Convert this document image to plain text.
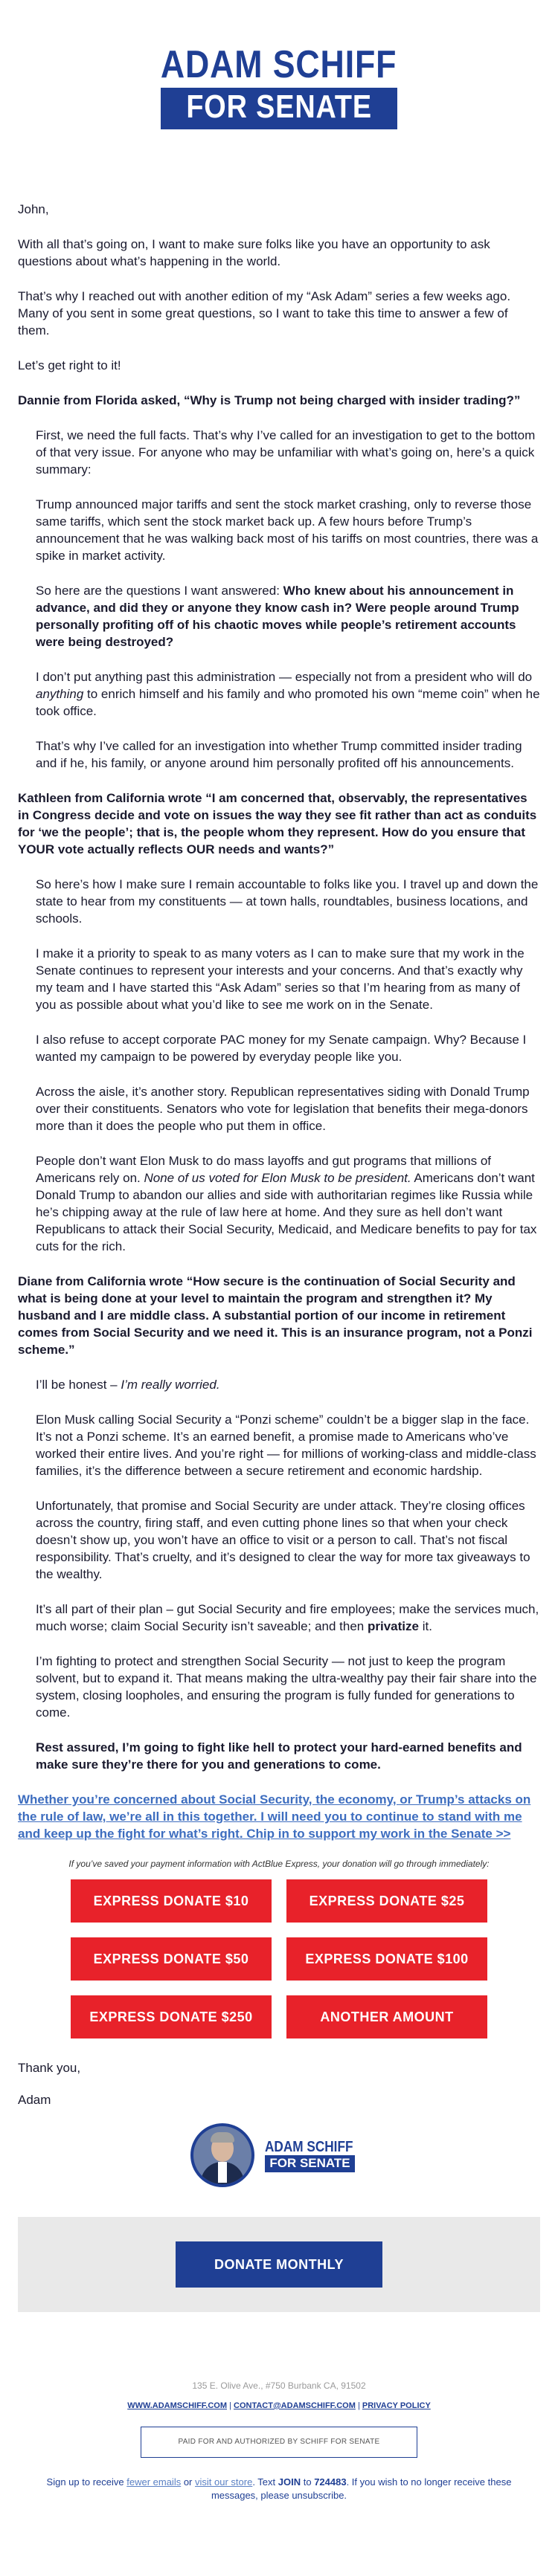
ADAM SCHIFF
FOR SENATE

John,

With all that’s going on, I want to make sure folks like you have an opportunity to ask questions about what’s happening in the world.

That’s why I reached out with another edition of my “Ask Adam” series a few weeks ago. Many of you sent in some great questions, so I want to take this time to answer a few of them.

Let’s get right to it!

Dannie from Florida asked, “Why is Trump not being charged with insider trading?”

First, we need the full facts. That’s why I’ve called for an investigation to get to the bottom of that very issue. For anyone who may be unfamiliar with what’s going on, here’s a quick summary:

Trump announced major tariffs and sent the stock market crashing, only to reverse those same tariffs, which sent the stock market back up. A few hours before Trump’s announcement that he was walking back most of his tariffs on most countries, there was a spike in market activity.

So here are the questions I want answered: Who knew about his announcement in advance, and did they or anyone they know cash in? Were people around Trump personally profiting off of his chaotic moves while people’s retirement accounts were being destroyed?

I don’t put anything past this administration — especially not from a president who will do anything to enrich himself and his family and who promoted his own “meme coin” when he took office.

That’s why I’ve called for an investigation into whether Trump committed insider trading and if he, his family, or anyone around him personally profited off his announcements.

Kathleen from California wrote “I am concerned that, observably, the representatives in Congress decide and vote on issues the way they see fit rather than act as conduits for ‘we the people’; that is, the people whom they represent. How do you ensure that YOUR vote actually reflects OUR needs and wants?”

So here’s how I make sure I remain accountable to folks like you. I travel up and down the state to hear from my constituents — at town halls, roundtables, business locations, and schools.

I make it a priority to speak to as many voters as I can to make sure that my work in the Senate continues to represent your interests and your concerns. And that’s exactly why my team and I have started this “Ask Adam” series so that I’m hearing from as many of you as possible about what you’d like to see me work on in the Senate.

I also refuse to accept corporate PAC money for my Senate campaign. Why? Because I wanted my campaign to be powered by everyday people like you.

Across the aisle, it’s another story. Republican representatives siding with Donald Trump over their constituents. Senators who vote for legislation that benefits their mega-donors more than it does the people who put them in office.

People don’t want Elon Musk to do mass layoffs and gut programs that millions of Americans rely on. None of us voted for Elon Musk to be president. Americans don’t want Donald Trump to abandon our allies and side with authoritarian regimes like Russia while he’s chipping away at the rule of law here at home. And they sure as hell don’t want Republicans to attack their Social Security, Medicaid, and Medicare benefits to pay for tax cuts for the rich.

Diane from California wrote “How secure is the continuation of Social Security and what is being done at your level to maintain the program and strengthen it? My husband and I are middle class. A substantial portion of our income in retirement comes from Social Security and we need it. This is an insurance program, not a Ponzi scheme.”

I’ll be honest – I’m really worried.

Elon Musk calling Social Security a “Ponzi scheme” couldn’t be a bigger slap in the face. It’s not a Ponzi scheme. It’s an earned benefit, a promise made to Americans who’ve worked their entire lives. And you’re right — for millions of working-class and middle-class families, it’s the difference between a secure retirement and economic hardship.

Unfortunately, that promise and Social Security are under attack. They’re closing offices across the country, firing staff, and even cutting phone lines so that when your check doesn’t show up, you won’t have an office to visit or a person to call. That’s not fiscal responsibility. That’s cruelty, and it’s designed to clear the way for more tax giveaways to the wealthy.

It’s all part of their plan – gut Social Security and fire employees; make the services much, much worse; claim Social Security isn’t saveable; and then privatize it.

I’m fighting to protect and strengthen Social Security — not just to keep the program solvent, but to expand it. That means making the ultra-wealthy pay their fair share into the system, closing loopholes, and ensuring the program is fully funded for generations to come.

Rest assured, I’m going to fight like hell to protect your hard-earned benefits and make sure they’re there for you and generations to come.

Whether you’re concerned about Social Security, the economy, or Trump’s attacks on the rule of law, we’re all in this together. I will need you to continue to stand with me and keep up the fight for what’s right. Chip in to support my work in the Senate >>
If you’ve saved your payment information with ActBlue Express, your donation will go through immediately:
EXPRESS DONATE $10	EXPRESS DONATE $25
EXPRESS DONATE $50	EXPRESS DONATE $100
EXPRESS DONATE $250	ANOTHER AMOUNT

Thank you,

Adam

ADAM SCHIFF
FOR SENATE
DONATE MONTHLY
135 E. Olive Ave., #750 Burbank CA, 91502
WWW.ADAMSCHIFF.COM | CONTACT@ADAMSCHIFF.COM | PRIVACY POLICY
PAID FOR AND AUTHORIZED BY SCHIFF FOR SENATE
Sign up to receive fewer emails or visit our store. Text JOIN to 724483. If you wish to no longer receive these messages, please unsubscribe.
